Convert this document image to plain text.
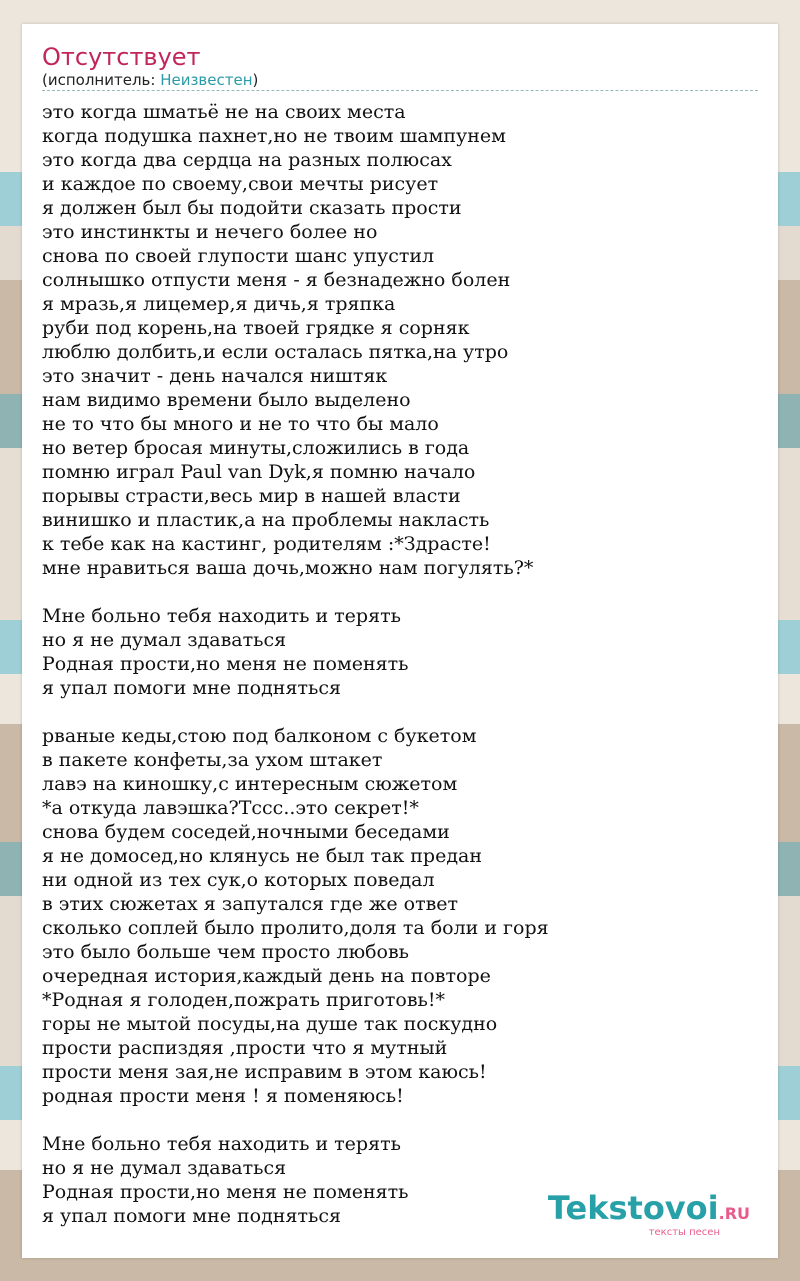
Отсутствует
(исполнитель: Неизвестен)
это когда шматьё не на своих места
когда подушка пахнет,но не твоим шампунем
это когда два сердца на разных полюсах
и каждое по своему,свои мечты рисует
я должен был бы подойти сказать прости
это инстинкты и нечего более но
снова по своей глупости шанс упустил
солнышко отпусти меня - я безнадежно болен
я мразь,я лицемер,я дичь,я тряпка
руби под корень,на твоей грядке я сорняк
люблю долбить,и если осталась пятка,на утро
это значит - день начался ништяк
нам видимо времени было выделено
не то что бы много и не то что бы мало
но ветер бросая минуты,сложились в года
помню играл Paul van Dyk,я помню начало
порывы страсти,весь мир в нашей власти
винишко и пластик,а на проблемы накласть
к тебе как на кастинг, родителям :*Здрасте!
мне нравиться ваша дочь,можно нам погулять?*
Мне больно тебя находить и терять
но я не думал здаваться
Родная прости,но меня не поменять
я упал помоги мне подняться
рваные кеды,стою под балконом с букетом
в пакете конфеты,за ухом штакет
лавэ на киношку,с интересным сюжетом
*а откуда лавэшка?Тссс..это секрет!*
снова будем соседей,ночными беседами
я не домосед,но клянусь не был так предан
ни одной из тех сук,о которых поведал
в этих сюжетах я запутался где же ответ
сколько соплей было пролито,доля та боли и горя
это было больше чем просто любовь
очередная история,каждый день на повторе
*Родная я голоден,пожрать приготовь!*
горы не мытой посуды,на душе так поскудно
прости распиздяя ,прости что я мутный
прости меня зая,не исправим в этом каюсь!
родная прости меня ! я поменяюсь!
Мне больно тебя находить и терять
но я не думал здаваться
Родная прости,но меня не поменять
я упал помоги мне подняться	Tekstovoi.RU
тексты песен
